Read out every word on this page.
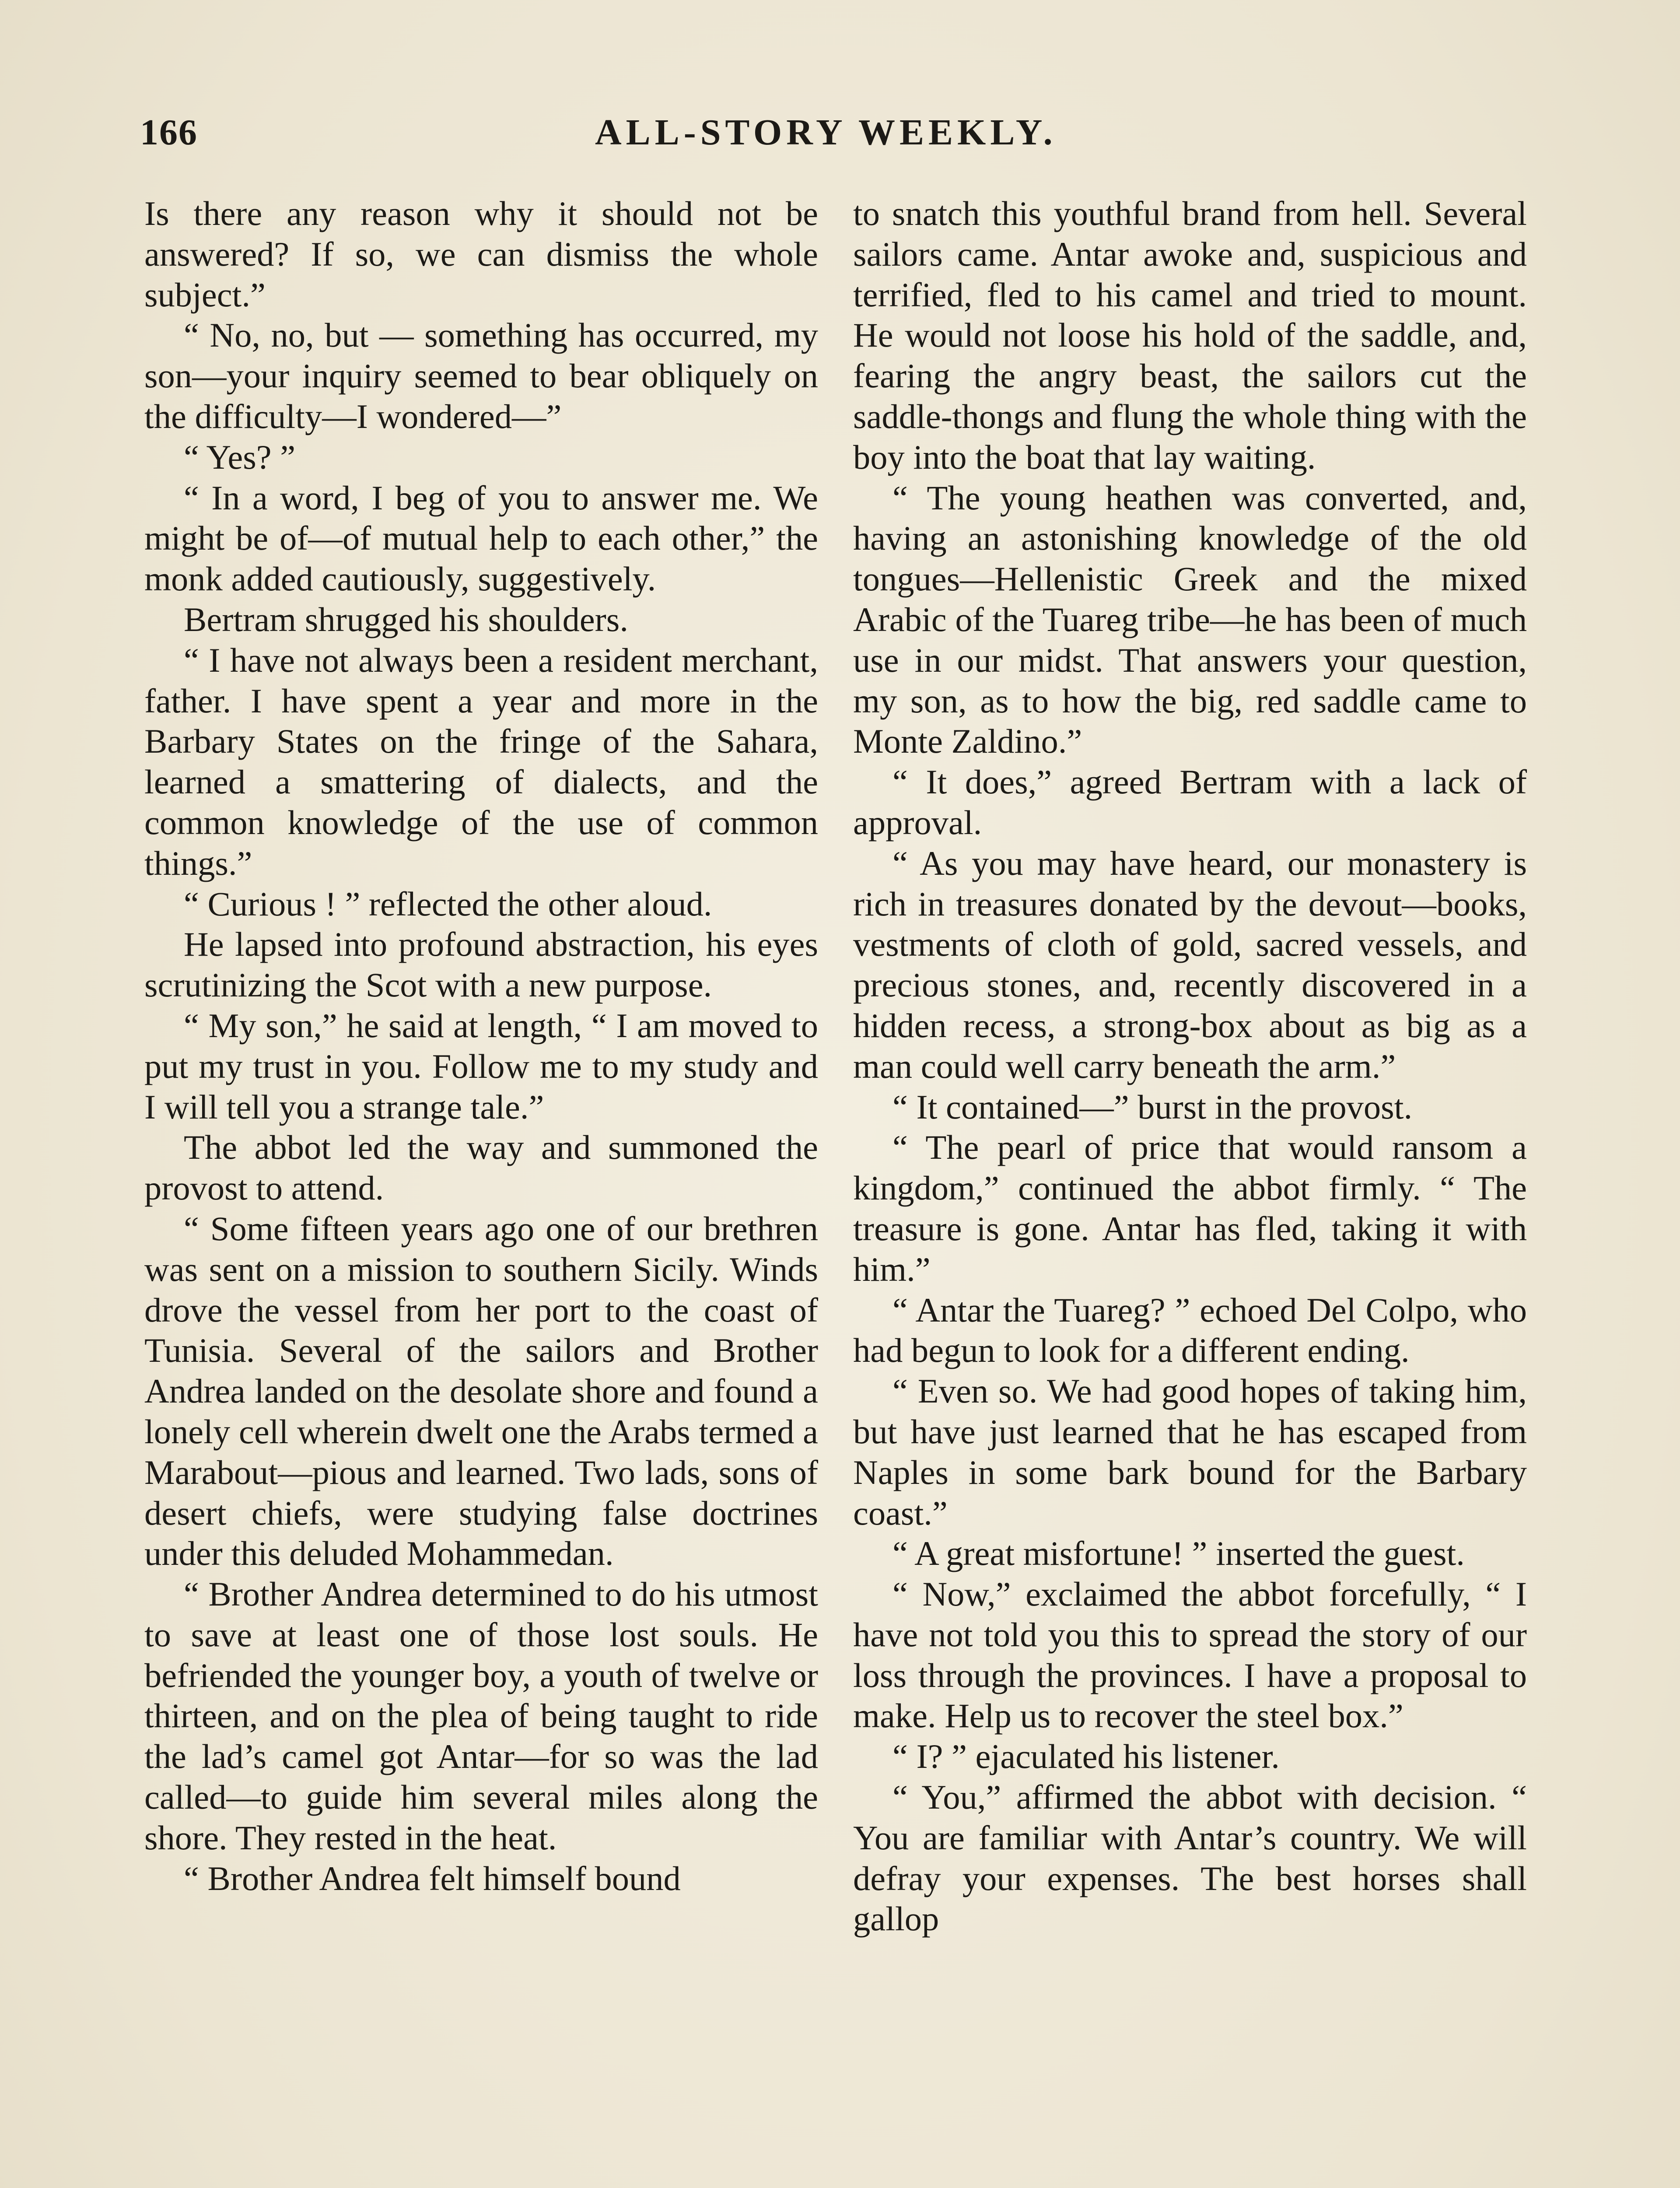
166	ALL-STORY WEEKLY.

Is there any reason why it should not be answered? If so, we can dismiss the whole subject.”

“ No, no, but — something has occurred, my son—your inquiry seemed to bear obliquely on the difficulty—I wondered—”

“ Yes? ”

“ In a word, I beg of you to answer me. We might be of—of mutual help to each other,” the monk added cautiously, suggestively.

Bertram shrugged his shoulders.

“ I have not always been a resident merchant, father. I have spent a year and more in the Barbary States on the fringe of the Sahara, learned a smattering of dialects, and the common knowledge of the use of common things.”

“ Curious ! ” reflected the other aloud.

He lapsed into profound abstraction, his eyes scrutinizing the Scot with a new purpose.

“ My son,” he said at length, “ I am moved to put my trust in you. Follow me to my study and I will tell you a strange tale.”

The abbot led the way and summoned the provost to attend.

“ Some fifteen years ago one of our brethren was sent on a mission to southern Sicily. Winds drove the vessel from her port to the coast of Tunisia. Several of the sailors and Brother Andrea landed on the desolate shore and found a lonely cell wherein dwelt one the Arabs termed a Marabout—pious and learned. Two lads, sons of desert chiefs, were studying false doctrines under this deluded Mohammedan.

“ Brother Andrea determined to do his utmost to save at least one of those lost souls. He befriended the younger boy, a youth of twelve or thirteen, and on the plea of being taught to ride the lad’s camel got Antar—for so was the lad called—to guide him several miles along the shore. They rested in the heat.

“ Brother Andrea felt himself bound

to snatch this youthful brand from hell. Several sailors came. Antar awoke and, suspicious and terrified, fled to his camel and tried to mount. He would not loose his hold of the saddle, and, fearing the angry beast, the sailors cut the saddle-thongs and flung the whole thing with the boy into the boat that lay waiting.

“ The young heathen was converted, and, having an astonishing knowledge of the old tongues—Hellenistic Greek and the mixed Arabic of the Tuareg tribe—he has been of much use in our midst. That answers your question, my son, as to how the big, red saddle came to Monte Zaldino.”

“ It does,” agreed Bertram with a lack of approval.

“ As you may have heard, our monastery is rich in treasures donated by the devout—books, vestments of cloth of gold, sacred vessels, and precious stones, and, recently discovered in a hidden recess, a strong-box about as big as a man could well carry beneath the arm.”

“ It contained—” burst in the provost.

“ The pearl of price that would ransom a kingdom,” continued the abbot firmly. “ The treasure is gone. Antar has fled, taking it with him.”

“ Antar the Tuareg? ” echoed Del Colpo, who had begun to look for a different ending.

“ Even so. We had good hopes of taking him, but have just learned that he has escaped from Naples in some bark bound for the Barbary coast.”

“ A great misfortune! ” inserted the guest.

“ Now,” exclaimed the abbot forcefully, “ I have not told you this to spread the story of our loss through the provinces. I have a proposal to make. Help us to recover the steel box.”

“ I? ” ejaculated his listener.

“ You,” affirmed the abbot with decision. “ You are familiar with Antar’s country. We will defray your expenses. The best horses shall gallop
